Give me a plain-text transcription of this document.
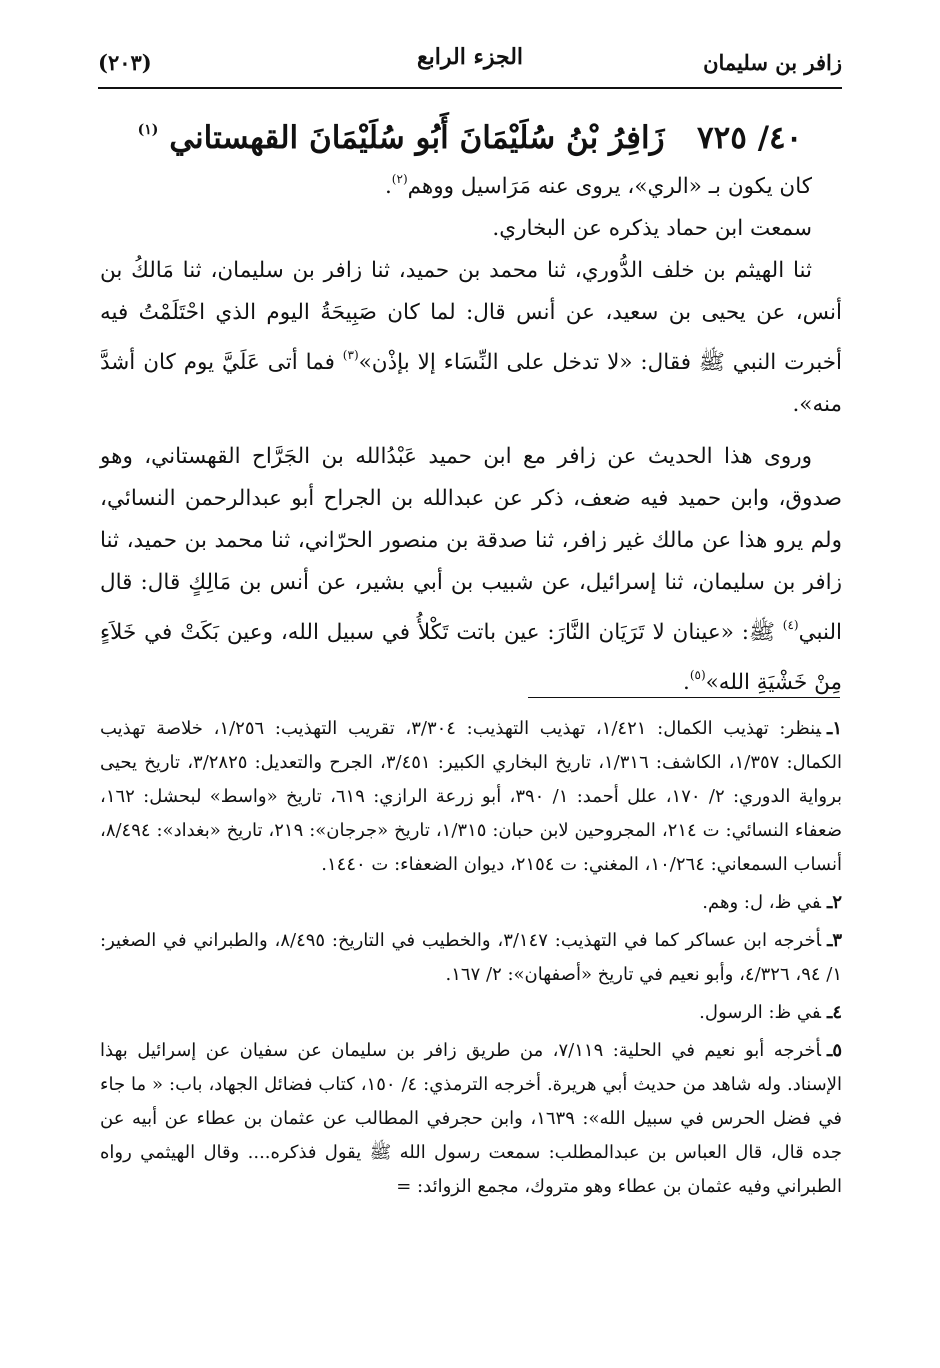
زافر بن سليمان
الجزء الرابع
(٢٠٣)
٤٠/ ٧٢٥   زَافِرُ بْنُ سُلَيْمَانَ أَبُو سُلَيْمَانَ القهستاني $^{(١)}$

كان يكون بـ «الري»، يروى عنه مَرَاسيل ووهم$^{(٢)}$.

سمعت ابن حماد يذكره عن البخاري.

ثنا الهيثم بن خلف الدُّوري، ثنا محمد بن حميد، ثنا زافر بن سليمان، ثنا مَالكُ بن أنس، عن يحيى بن سعيد، عن أنس قال: لما كان صَبِيحَةُ اليوم الذي احْتَلَمْتُ فيه أخبرت النبي ﷺ فقال: «لا تدخل على النِّسَاء إلا بإذْن»$^{(٣)}$ فما أتى عَلَيَّ يوم كان أشدَّ منه».

وروى هذا الحديث عن زافر مع ابن حميد عَبْدُالله بن الجَرَّاح القهستاني، وهو صدوق، وابن حميد فيه ضعف، ذكر عن عبدالله بن الجراح أبو عبدالرحمن النسائي، ولم يرو هذا عن مالك غير زافر، ثنا صدقة بن منصور الحرّاني، ثنا محمد بن حميد، ثنا زافر بن سليمان، ثنا إسرائيل، عن شبيب بن أبي بشير، عن أنس بن مَالِكٍ قال: قال النبي$^{(٤)}$ ﷺ: «عينان لا تَرَيَان النَّارَ: عين باتت تَكْلأُ في سبيل الله، وعين بَكَتْ في خَلاَءٍ مِنْ خَشْيَةِ الله»$^{(٥)}$.

١ـينظر: تهذيب الكمال: ١/٤٢١، تهذيب التهذيب: ٣/٣٠٤، تقريب التهذيب: ١/٢٥٦، خلاصة تهذيب الكمال: ١/٣٥٧، الكاشف: ١/٣١٦، تاريخ البخاري الكبير: ٣/٤٥١، الجرح والتعديل: ٣/٢٨٢٥، تاريخ يحيى برواية الدوري: ٢/ ١٧٠، علل أحمد: ١/ ٣٩٠، أبو زرعة الرازي: ٦١٩، تاريخ «واسط» لبحشل: ١٦٢، ضعفاء النسائي: ت ٢١٤، المجروحين لابن حبان: ١/٣١٥، تاريخ «جرجان»: ٢١٩، تاريخ «بغداد»: ٨/٤٩٤، أنساب السمعاني: ١٠/٢٦٤، المغني: ت ٢١٥٤، ديوان الضعفاء: ت ١٤٤٠.

٢ـفي ظ، ل: وهم.

٣ـأخرجه ابن عساكر كما في التهذيب: ٣/١٤٧، والخطيب في التاريخ: ٨/٤٩٥، والطبراني في الصغير: ١/ ٩٤، ٤/٣٢٦، وأبو نعيم في تاريخ «أصفهان»: ٢/ ١٦٧.

٤ـفي ظ: الرسول.

٥ـأخرجه أبو نعيم في الحلية: ٧/١١٩، من طريق زافر بن سليمان عن سفيان عن إسرائيل بهذا الإسناد. وله شاهد من حديث أبي هريرة. أخرجه الترمذي: ٤/ ١٥٠، كتاب فضائل الجهاد، باب: « ما جاء في فضل الحرس في سبيل الله»: ١٦٣٩، وابن حجرفي المطالب عن عثمان بن عطاء عن أبيه عن جده قال، قال العباس بن عبدالمطلب: سمعت رسول الله ﷺ يقول فذكره.... وقال الهيثمي رواه الطبراني وفيه عثمان بن عطاء وهو متروك، مجمع الزوائد: =
